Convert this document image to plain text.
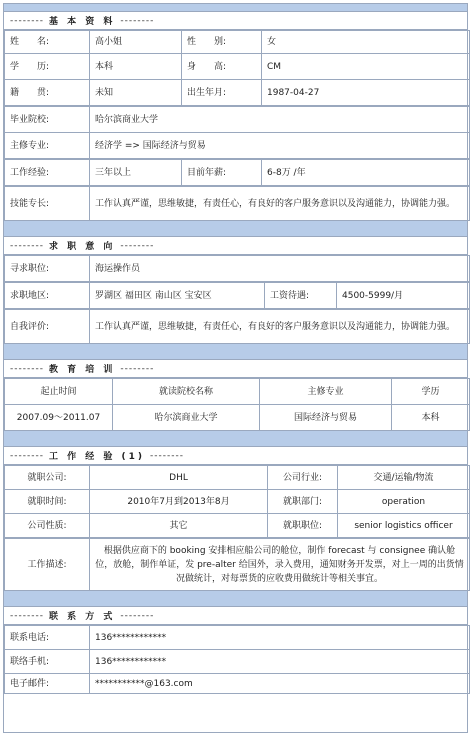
-------- 基 本 资 料 --------
姓　　名:	高小姐	性　　别:	女
学　　历:	本科	身　　高:	CM
籍　　贯:	未知	出生年月:	1987-04-27
毕业院校:	哈尔滨商业大学
主修专业:	经济学 => 国际经济与贸易
工作经验:	三年以上	目前年薪:	6-8万 /年
技能专长:	工作认真严谨，思维敏捷，有责任心，有良好的客户服务意识以及沟通能力，协调能力强。
-------- 求 职 意 向 --------
寻求职位:	海运操作员
求职地区:	罗湖区 福田区 南山区 宝安区	工资待遇:	4500-5999/月
自我评价:	工作认真严谨，思维敏捷，有责任心，有良好的客户服务意识以及沟通能力，协调能力强。
-------- 教 育 培 训 --------
起止时间	就读院校名称	主修专业	学历
2007.09～2011.07	哈尔滨商业大学	国际经济与贸易	本科
-------- 工 作 经 验 (1) --------
就职公司:	DHL	公司行业:	交通/运输/物流
就职时间:	2010年7月到2013年8月	就职部门:	operation
公司性质:	其它	就职职位:	senior logistics officer
工作描述:	根据供应商下的 booking 安排相应船公司的舱位，制作 forecast 与 consignee 确认舱位，放舱，制作单证，发 pre-alter 给国外，录入费用，通知财务开发票，对上一周的出货情况做统计，对每票货的应收费用做统计等相关事宜。
-------- 联 系 方 式 --------
联系电话:	136************
联络手机:	136************
电子邮件:	***********@163.com
